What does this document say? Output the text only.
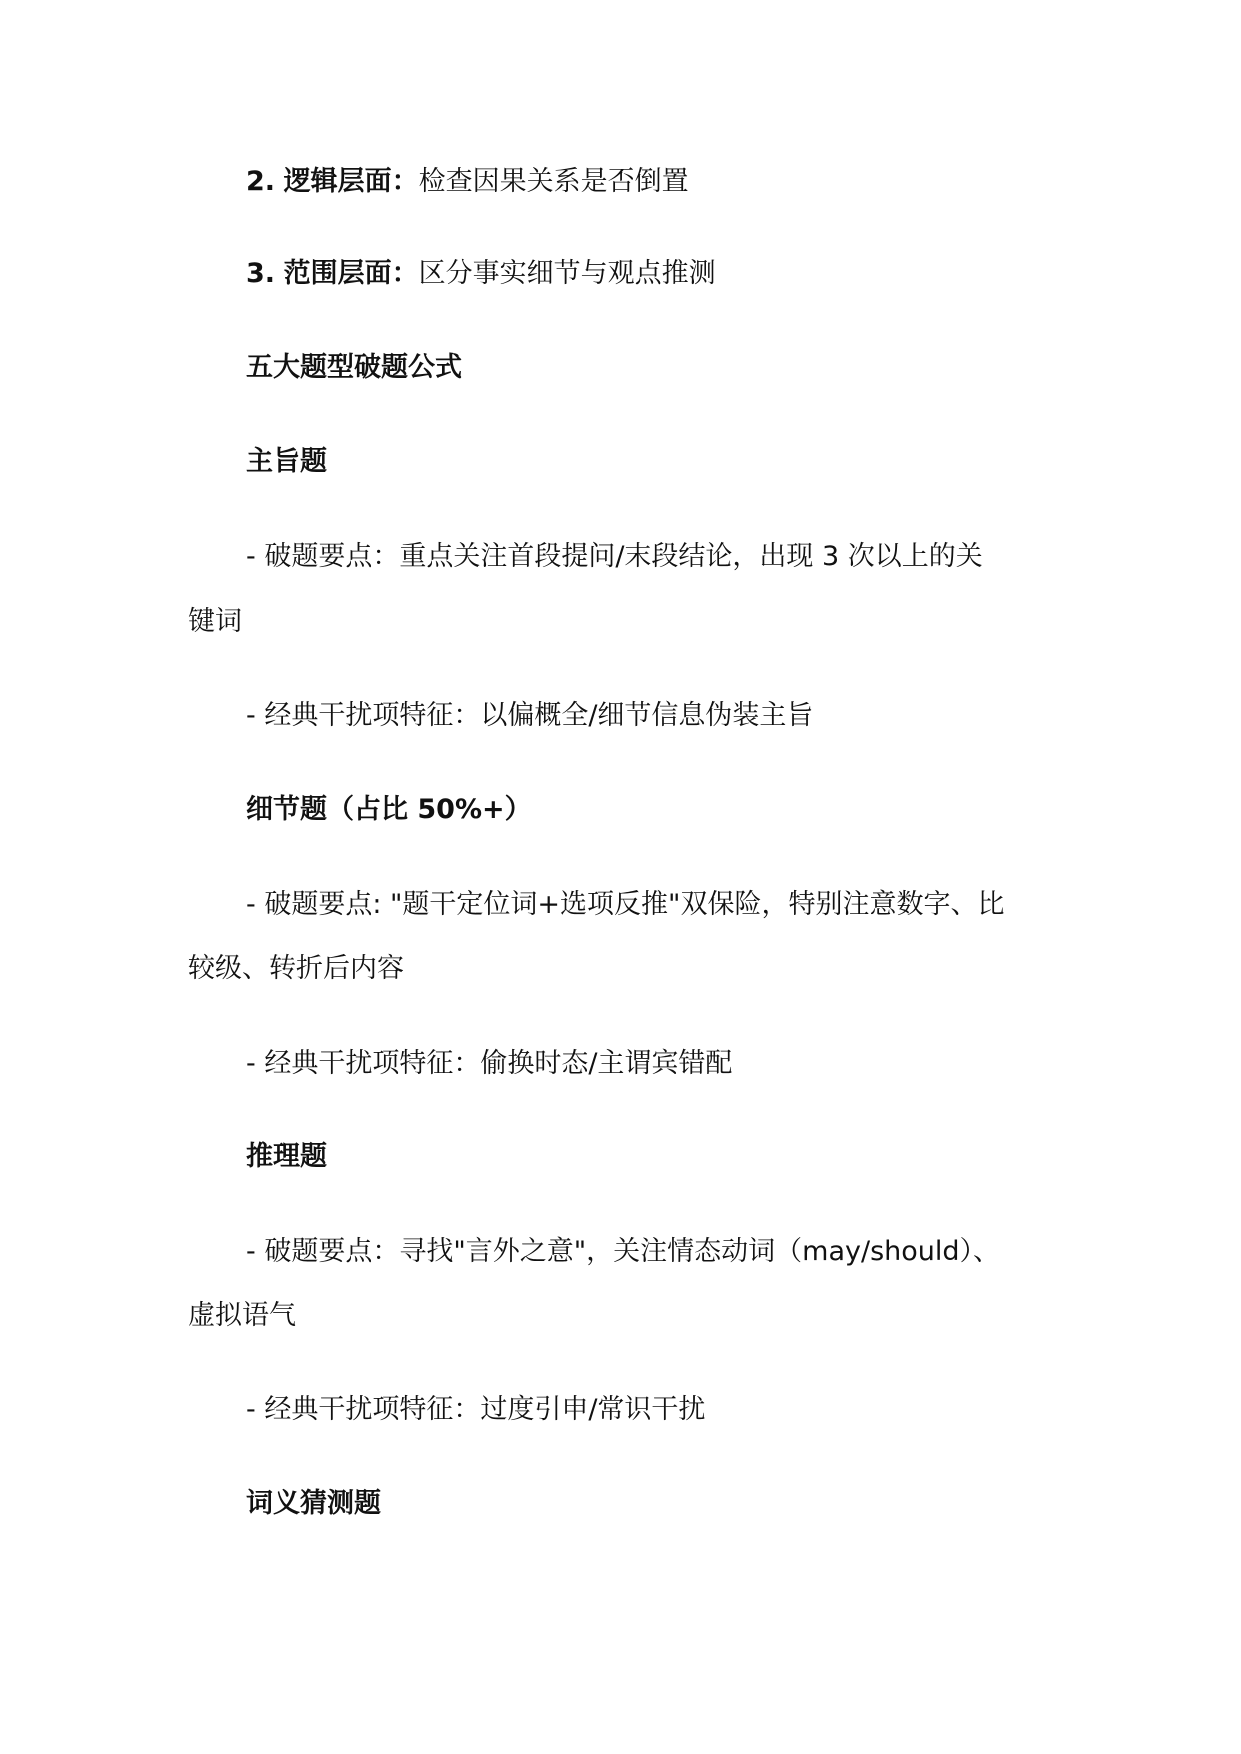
2. 逻辑层面：检查因果关系是否倒置
3. 范围层面：区分事实细节与观点推测
五大题型破题公式
主旨题
- 破题要点：重点关注首段提问/末段结论，出现 3 次以上的关
键词
- 经典干扰项特征：以偏概全/细节信息伪装主旨
细节题（占比 50%+）
- 破题要点: "题干定位词+选项反推"双保险，特别注意数字、比
较级、转折后内容
- 经典干扰项特征：偷换时态/主谓宾错配
推理题
- 破题要点：寻找"言外之意"，关注情态动词（may/should）、
虚拟语气
- 经典干扰项特征：过度引申/常识干扰
词义猜测题
